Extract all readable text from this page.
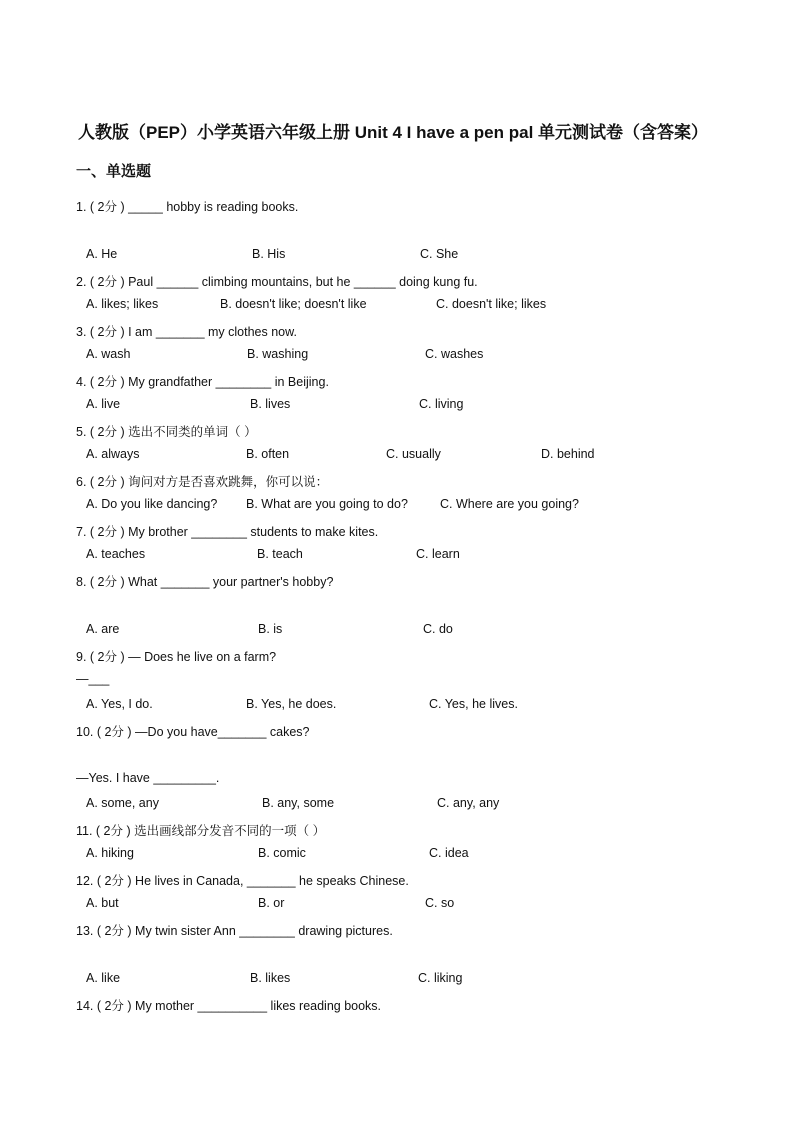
人教版（PEP）小学英语六年级上册 Unit 4 I have a pen pal 单元测试卷（含答案）
一、单选题
1. ( 2分 ) _____ hobby is reading books.
A. He	B. His	C. She
2. ( 2分 ) Paul ______ climbing mountains, but he ______ doing kung fu.
A. likes; likes	B. doesn't like; doesn't like	C. doesn't like; likes
3. ( 2分 ) I am _______ my clothes now.
A. wash	B. washing	C. washes
4. ( 2分 ) My grandfather ________ in Beijing.
A. live	B. lives	C. living
5. ( 2分 ) 选出不同类的单词（ ）
A. always	B. often	C. usually	D. behind
6. ( 2分 ) 询问对方是否喜欢跳舞，你可以说：
A. Do you like dancing? B. What are you going to do?	C. Where are you going?
7. ( 2分 ) My brother ________ students to make kites.
A. teaches	B. teach	C. learn
8. ( 2分 ) What _______ your partner's hobby?
A. are	B. is	C. do
9. ( 2分 ) — Does he live on a farm?
—___
A. Yes, I do.	B. Yes, he does.	C. Yes, he lives.
10. ( 2分 ) —Do you have_______ cakes?
—Yes. I have _________.
A. some, any	B. any, some	C. any, any
11. ( 2分 ) 选出画线部分发音不同的一项（ ）
A. hiking	B. comic	C. idea
12. ( 2分 ) He lives in Canada, _______ he speaks Chinese.
A. but	B. or	C. so
13. ( 2分 ) My twin sister Ann ________ drawing pictures.
A. like	B. likes	C. liking
14. ( 2分 ) My mother __________ likes reading books.
